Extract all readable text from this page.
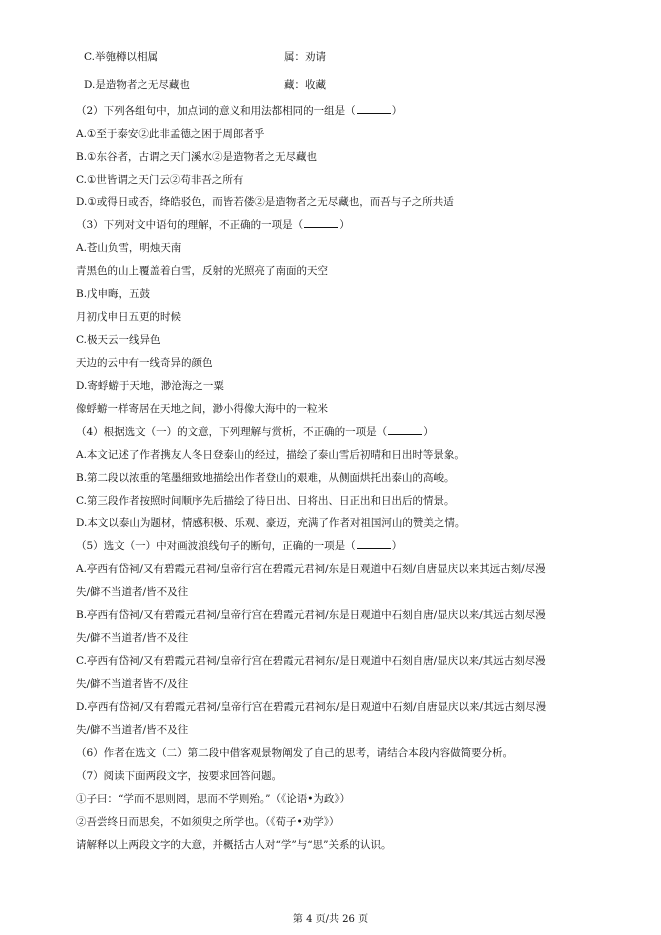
C.举匏樽以相属	属：劝请
D.是造物者之无尽藏也	藏：收藏
（2）下列各组句中，加点词的意义和用法都相同的一组是（	）
A.①至于泰安②此非孟德之困于周郎者乎
B.①东谷者，古谓之天门溪水②是造物者之无尽藏也
C.①世皆谓之天门云②苟非吾之所有
D.①或得日或否，绛皓驳色，而皆若偻②是造物者之无尽藏也，而吾与子之所共适
（3）下列对文中语句的理解，不正确的一项是（	）
A.苍山负雪，明烛天南
青黑色的山上覆盖着白雪，反射的光照亮了南面的天空
B.戊申晦，五鼓
月初戊申日五更的时候
C.极天云一线异色
天边的云中有一线奇异的颜色
D.寄蜉蝣于天地，渺沧海之一粟
像蜉蝣一样寄居在天地之间，渺小得像大海中的一粒米
（4）根据选文（一）的文意，下列理解与赏析，不正确的一项是（	）
A.本文记述了作者携友人冬日登泰山的经过，描绘了泰山雪后初晴和日出时等景象。
B.第二段以浓重的笔墨细致地描绘出作者登山的艰难，从侧面烘托出泰山的高峻。
C.第三段作者按照时间顺序先后描绘了待日出、日将出、日正出和日出后的情景。
D.本文以泰山为题材，情感积极、乐观、豪迈，充满了作者对祖国河山的赞美之情。
（5）选文（一）中对画波浪线句子的断句，正确的一项是（	）
A.亭西有岱祠/又有碧霞元君祠/皇帝行宫在碧霞元君祠/东是日观道中石刻/自唐显庆以来其远古刻/尽漫
失/僻不当道者/皆不及往
B.亭西有岱祠/又有碧霞元君祠/皇帝行宫在碧霞元君祠/东是日观道中石刻自唐/显庆以来/其远古刻尽漫
失/僻不当道者/皆不及往
C.亭西有岱祠/又有碧霞元君祠/皇帝行宫在碧霞元君祠东/是日观道中石刻自唐/显庆以来/其远古刻尽漫
失/僻不当道者皆不/及往
D.亭西有岱祠/又有碧霞元君祠/皇帝行宫在碧霞元君祠东/是日观道中石刻/自唐显庆以来/其远古刻尽漫
失/僻不当道者/皆不及往
（6）作者在选文（二）第二段中借客观景物阐发了自己的思考，请结合本段内容做简要分析。
（7）阅读下面两段文字，按要求回答问题。
①子曰：“学而不思则罔，思而不学则殆。”（《论语•为政》）
②吾尝终日而思矣，不如须臾之所学也。（《荀子•劝学》）
请解释以上两段文字的大意，并概括古人对“学”与“思”关系的认识。
第 4 页/共 26 页
